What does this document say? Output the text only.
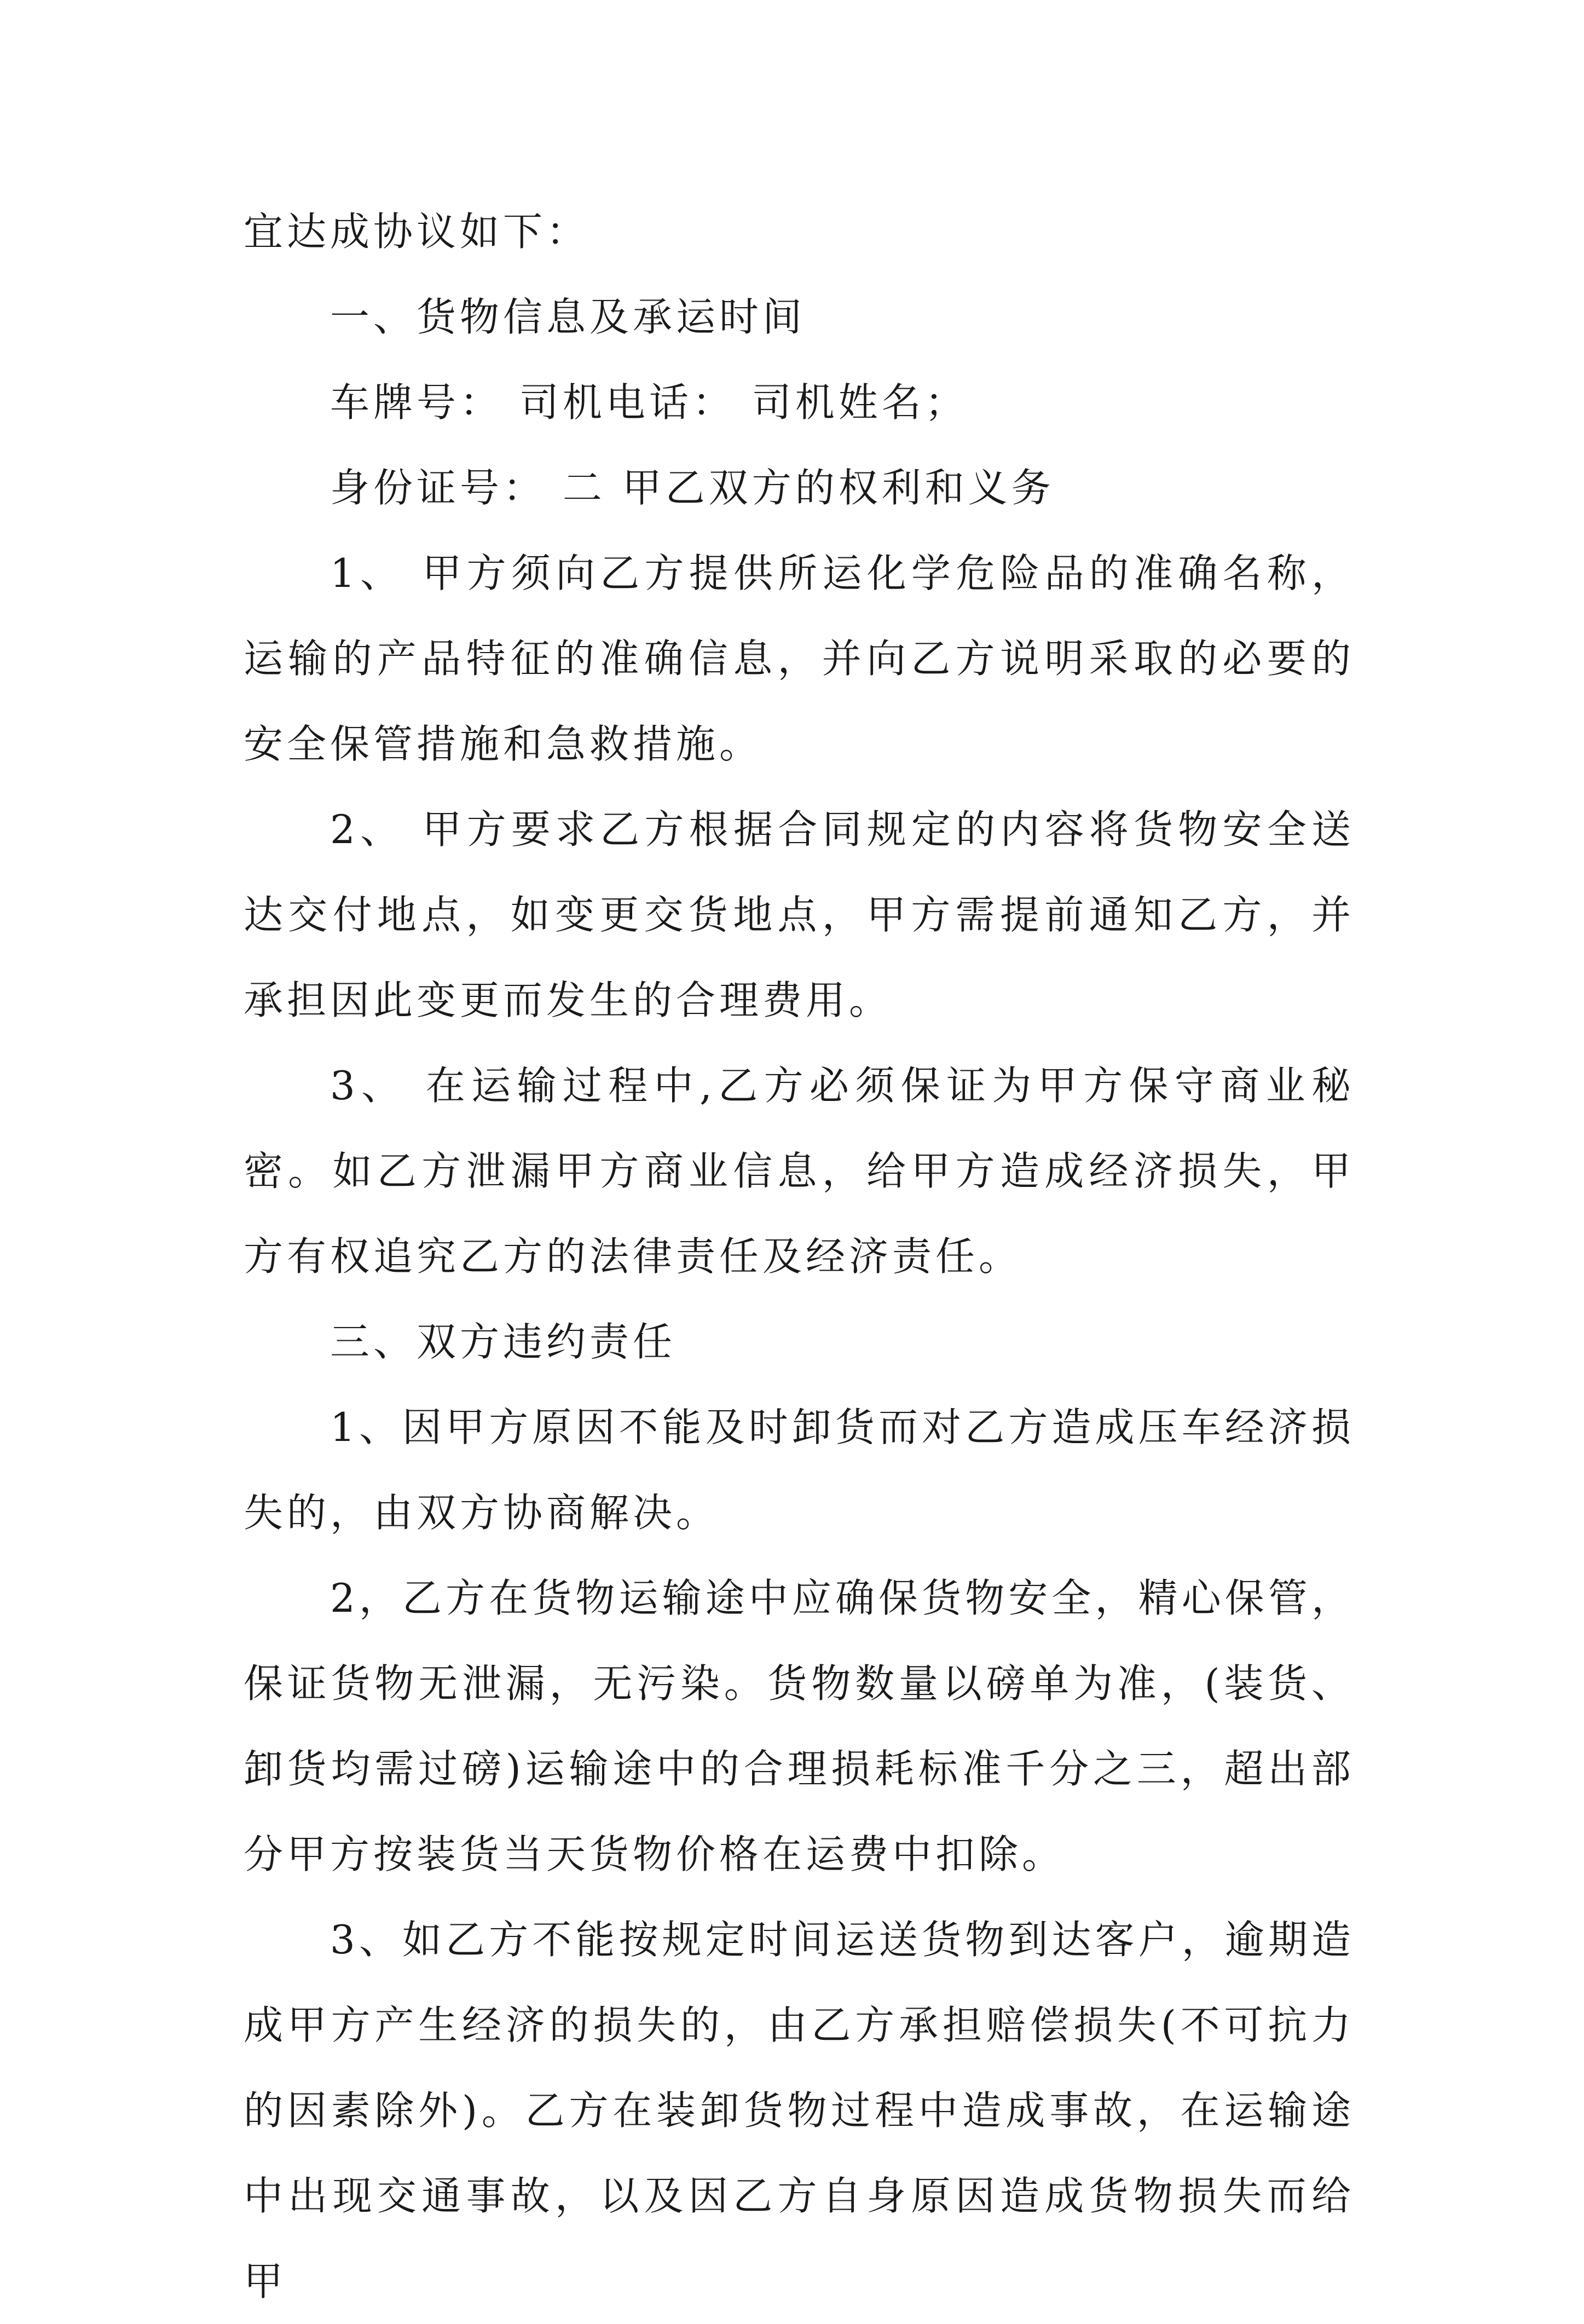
宜达成协议如下：

一、货物信息及承运时间

车牌号： 司机电话： 司机姓名；

身份证号： 二 甲乙双方的权利和义务

1、 甲方须向乙方提供所运化学危险品的准确名称，运输的产品特征的准确信息，并向乙方说明采取的必要的安全保管措施和急救措施。

2、 甲方要求乙方根据合同规定的内容将货物安全送达交付地点，如变更交货地点，甲方需提前通知乙方，并承担因此变更而发生的合理费用。

3、 在运输过程中,乙方必须保证为甲方保守商业秘密。如乙方泄漏甲方商业信息，给甲方造成经济损失，甲方有权追究乙方的法律责任及经济责任。

三、双方违约责任

1、因甲方原因不能及时卸货而对乙方造成压车经济损失的，由双方协商解决。

2，乙方在货物运输途中应确保货物安全，精心保管，保证货物无泄漏，无污染。货物数量以磅单为准，(装货、卸货均需过磅)运输途中的合理损耗标准千分之三，超出部分甲方按装货当天货物价格在运费中扣除。

3、如乙方不能按规定时间运送货物到达客户，逾期造成甲方产生经济的损失的，由乙方承担赔偿损失(不可抗力的因素除外)。乙方在装卸货物过程中造成事故，在运输途中出现交通事故，以及因乙方自身原因造成货物损失而给甲
